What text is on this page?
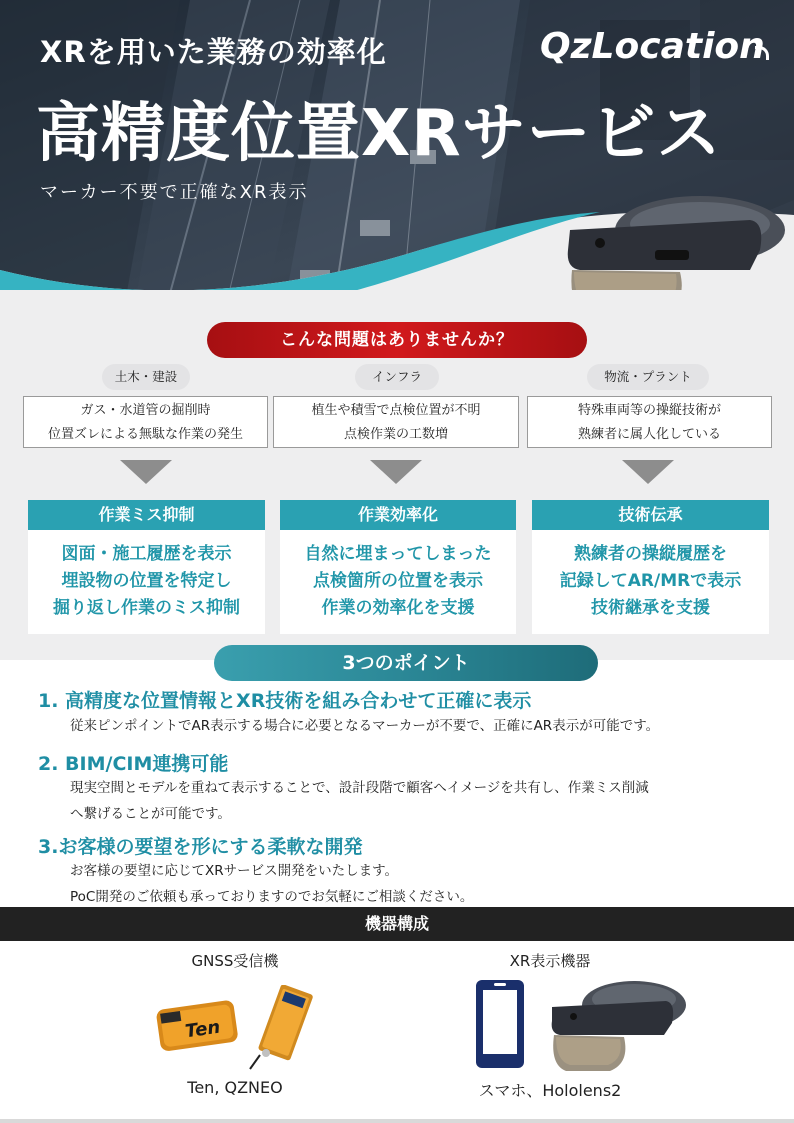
XRを用いた業務の効率化
高精度位置XRサービス
マーカー不要で正確なXR表示
QzLocation
こんな問題はありませんか？
土木・建設
ガス・水道管の掘削時
位置ズレによる無駄な作業の発生
作業ミス抑制
図面・施工履歴を表示
埋設物の位置を特定し
掘り返し作業のミス抑制
インフラ
植生や積雪で点検位置が不明
点検作業の工数増
作業効率化
自然に埋まってしまった
点検箇所の位置を表示
作業の効率化を支援
物流・プラント
特殊車両等の操縦技術が
熟練者に属人化している
技術伝承
熟練者の操縦履歴を
記録してAR/MRで表示
技術継承を支援
3つのポイント
1. 高精度な位置情報とXR技術を組み合わせて正確に表示
従来ピンポイントでAR表示する場合に必要となるマーカーが不要で、正確にAR表示が可能です。
2. BIM/CIM連携可能
現実空間とモデルを重ねて表示することで、設計段階で顧客へイメージを共有し、作業ミス削減
へ繋げることが可能です。
3.お客様の要望を形にする柔軟な開発
お客様の要望に応じてXRサービス開発をいたします。
PoC開発のご依頼も承っておりますのでお気軽にご相談ください。
機器構成
GNSS受信機
Ten
Ten, QZNEO
XR表示機器
スマホ、Hololens2
